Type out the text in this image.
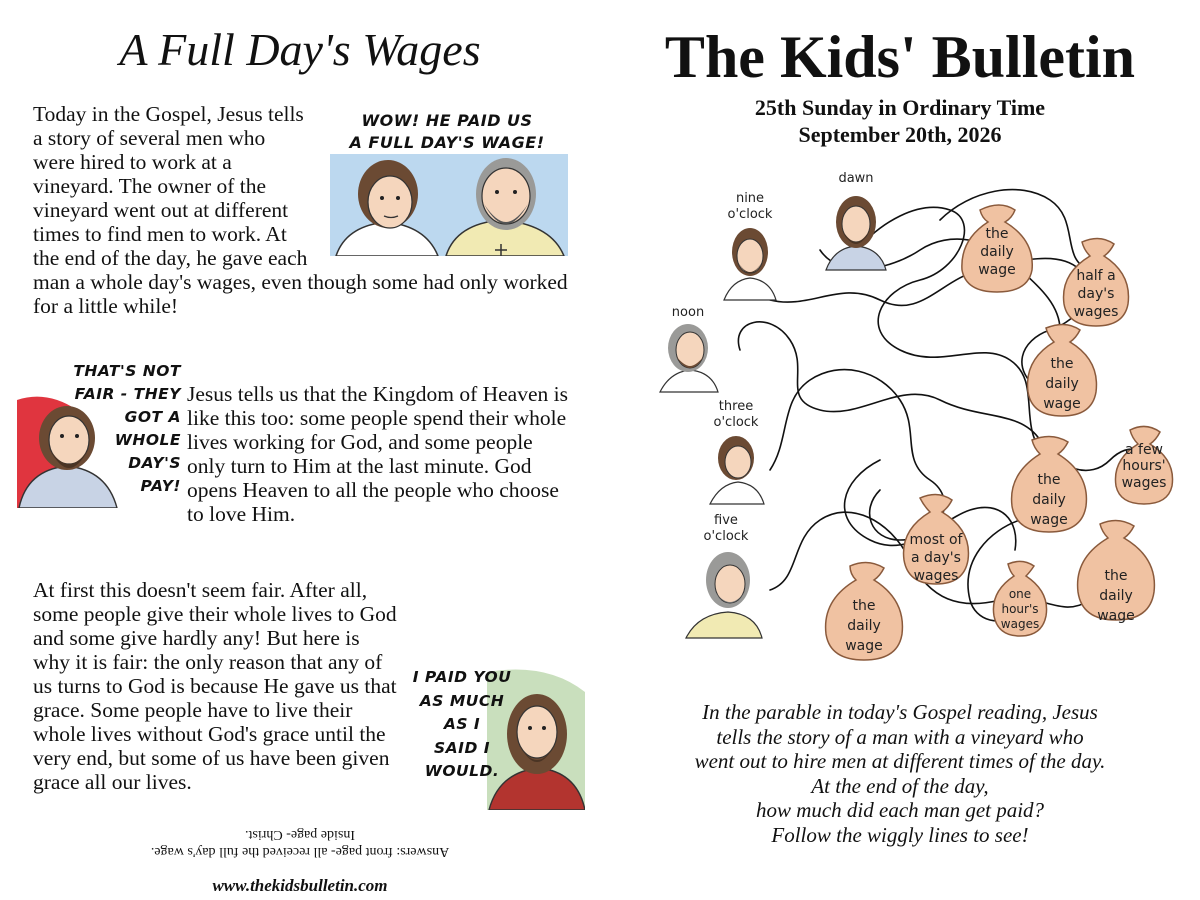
A Full Day's Wages
WOW! HE PAID US
A FULL DAY'S WAGE!
Today in the Gospel, Jesus tells a story of several men who were hired to work at a vineyard. The owner of the vineyard went out at different times to find men to work. At the end of the day, he gave each man a whole day's wages, even though some had only worked for a little while!
THAT'S NOT
FAIR - THEY
GOT A
WHOLE
DAY'S
PAY!
Jesus tells us that the Kingdom of Heaven is like this too: some people spend their whole lives working for God, and some people only turn to Him at the last minute. God opens Heaven to all the people who choose to love Him.
I PAID YOU
AS MUCH
AS I
SAID I
WOULD.
At first this doesn't seem fair. After all, some people give their whole lives to God and some give hardly any! But here is why it is fair: the only reason that any of us turns to God is because He gave us that grace. Some people have to live their whole lives without God's grace until the very end, but some of us have been given grace all our lives.
Answers: front page- all received the full day's wage.
Inside page- Christ.
www.thekidsbulletin.com
The Kids' Bulletin
25th Sunday in Ordinary Time
September 20th, 2026
In the parable in today's Gospel reading, Jesus
tells the story of a man with a vineyard who
went out to hire men at different times of the day.
At the end of the day,
how much did each man get paid?
Follow the wiggly lines to see!
dawn
nine
o'clock
noon
three
o'clock
five
o'clock
the
daily
wage	half a
day's
wages
the
daily
wage
a few
hours'
wages
the
daily
wage
most of
a day's
wages
the
daily
wage
one
hour's
wages
the
daily
wage
